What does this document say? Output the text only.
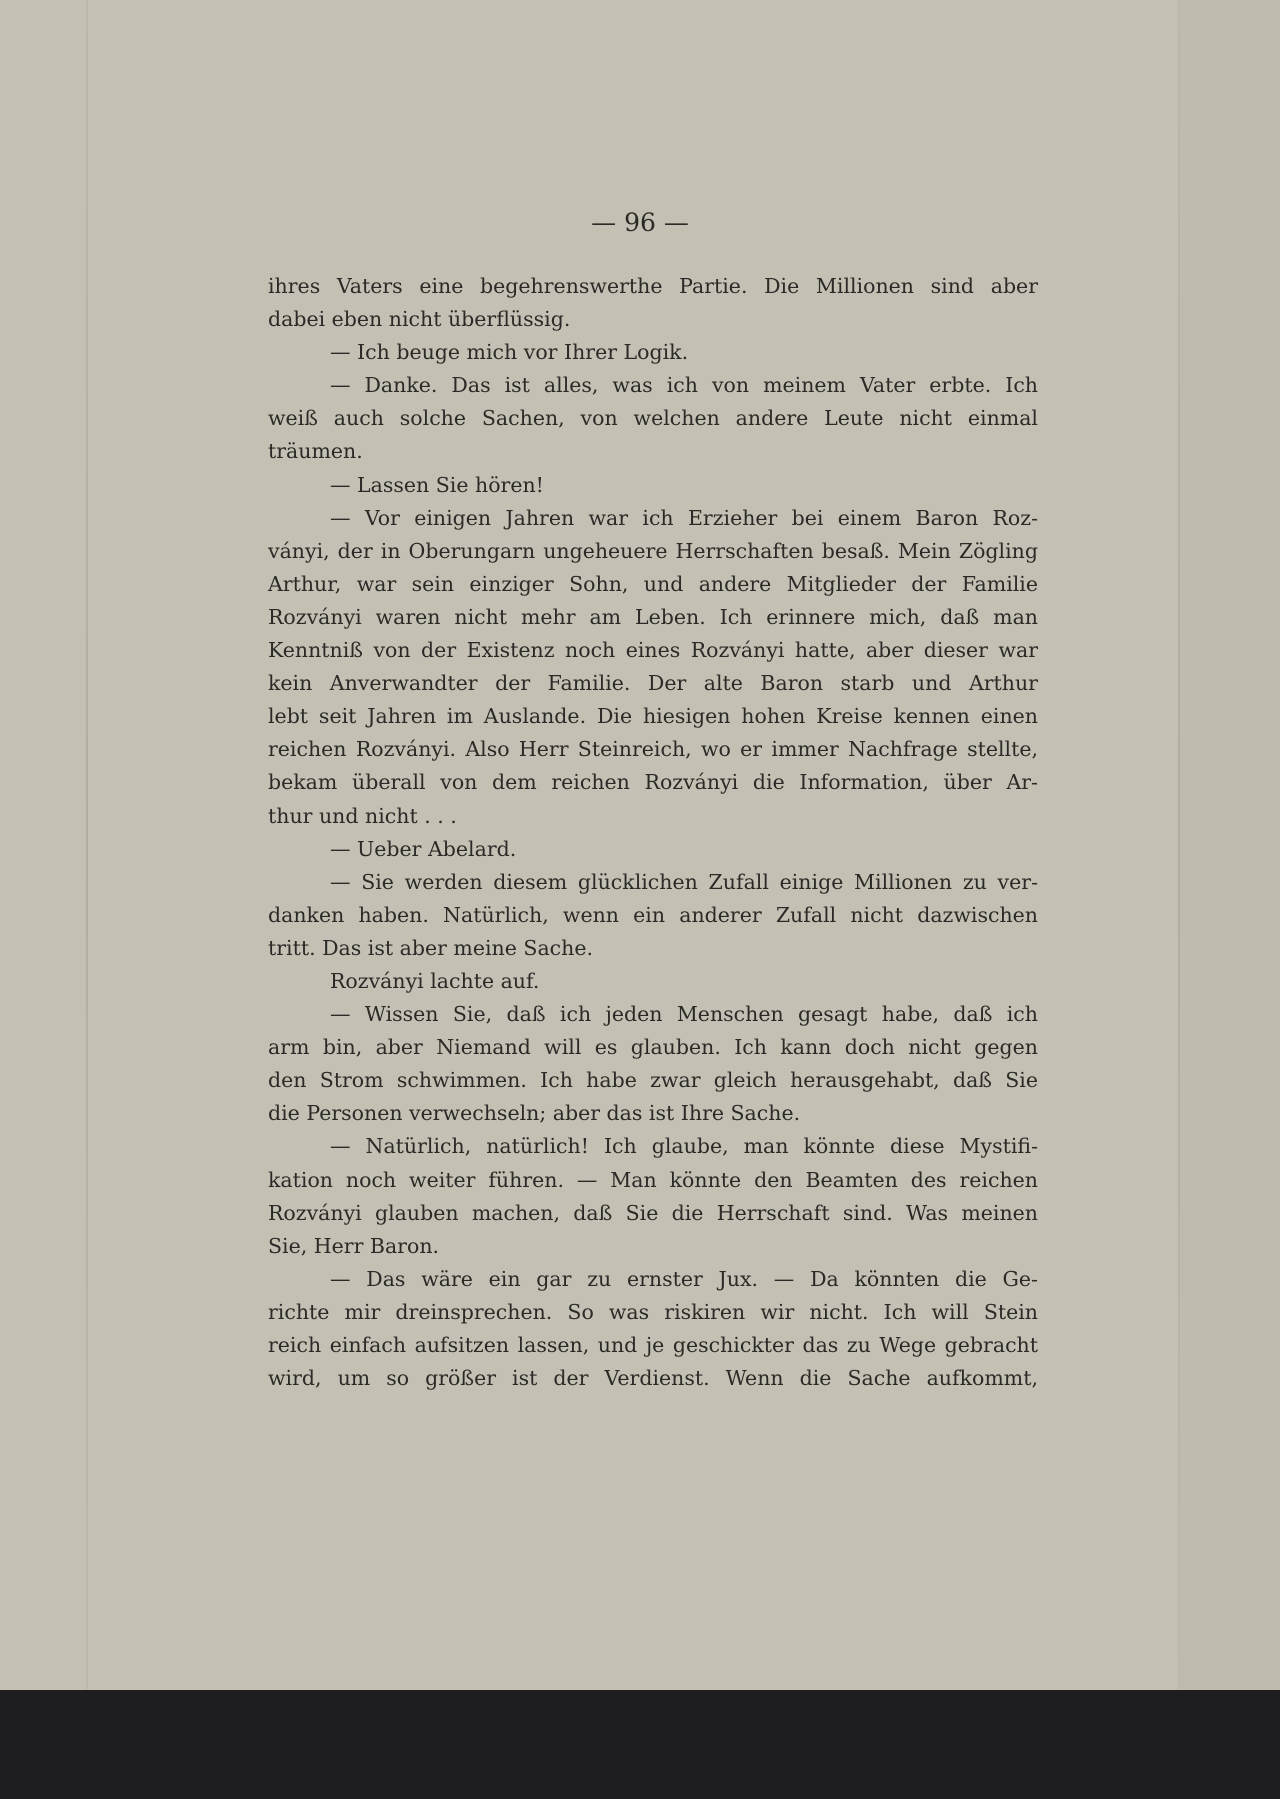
— 96 —
ihres Vaters eine begehrenswerthe Partie. Die Millionen sind aber
dabei eben nicht überflüssig.
— Ich beuge mich vor Ihrer Logik.
— Danke. Das ist alles, was ich von meinem Vater erbte. Ich
weiß auch solche Sachen, von welchen andere Leute nicht einmal
träumen.
— Lassen Sie hören!
— Vor einigen Jahren war ich Erzieher bei einem Baron Roz-
ványi, der in Oberungarn ungeheuere Herrschaften besaß. Mein Zögling
Arthur, war sein einziger Sohn, und andere Mitglieder der Familie
Rozványi waren nicht mehr am Leben. Ich erinnere mich, daß man
Kenntniß von der Existenz noch eines Rozványi hatte, aber dieser war
kein Anverwandter der Familie. Der alte Baron starb und Arthur
lebt seit Jahren im Auslande. Die hiesigen hohen Kreise kennen einen
reichen Rozványi. Also Herr Steinreich, wo er immer Nachfrage stellte,
bekam überall von dem reichen Rozványi die Information, über Ar-
thur und nicht . . .
— Ueber Abelard.
— Sie werden diesem glücklichen Zufall einige Millionen zu ver-
danken haben. Natürlich, wenn ein anderer Zufall nicht dazwischen
tritt. Das ist aber meine Sache.
Rozványi lachte auf.
— Wissen Sie, daß ich jeden Menschen gesagt habe, daß ich
arm bin, aber Niemand will es glauben. Ich kann doch nicht gegen
den Strom schwimmen. Ich habe zwar gleich herausgehabt, daß Sie
die Personen verwechseln; aber das ist Ihre Sache.
— Natürlich, natürlich! Ich glaube, man könnte diese Mystifi-
kation noch weiter führen. — Man könnte den Beamten des reichen
Rozványi glauben machen, daß Sie die Herrschaft sind. Was meinen
Sie, Herr Baron.
— Das wäre ein gar zu ernster Jux. — Da könnten die Ge-
richte mir dreinsprechen. So was riskiren wir nicht. Ich will Stein
reich einfach aufsitzen lassen, und je geschickter das zu Wege gebracht
wird, um so größer ist der Verdienst. Wenn die Sache aufkommt,
